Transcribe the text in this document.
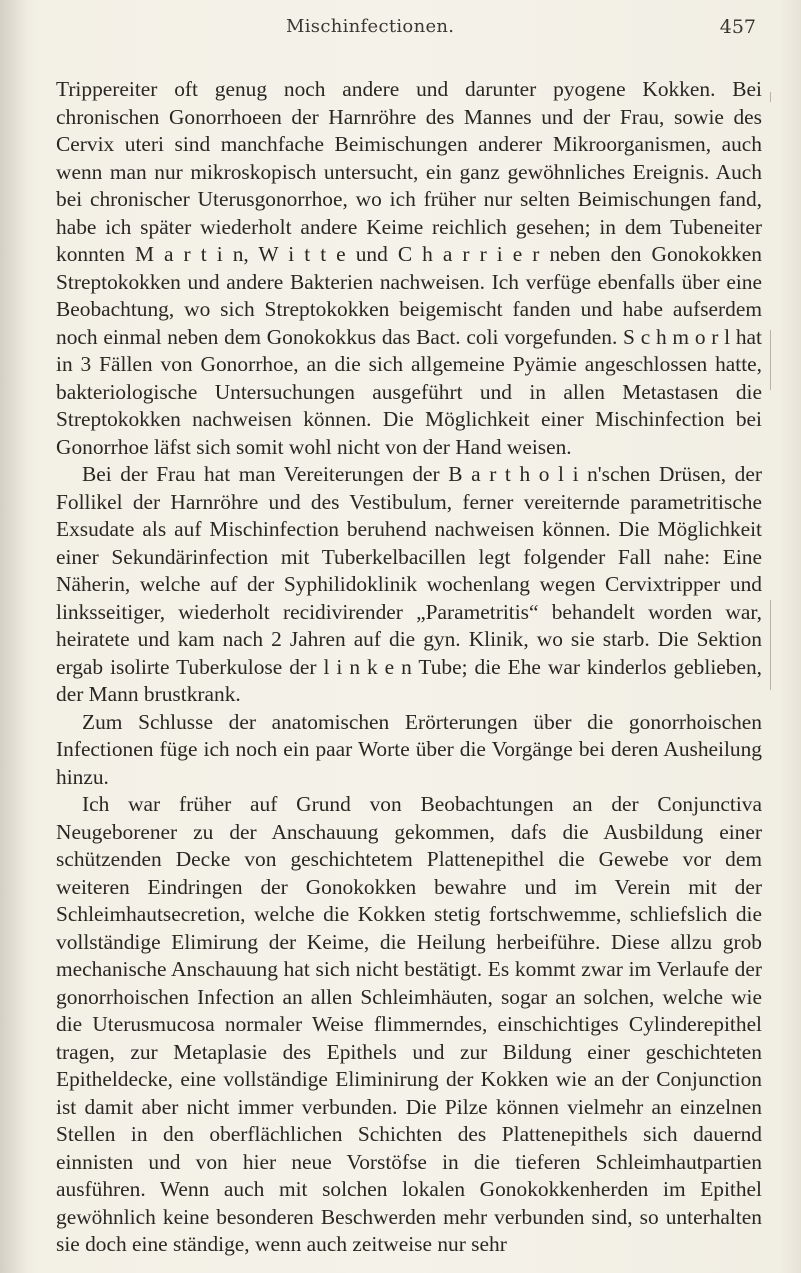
Mischinfectionen.	457

Trippereiter oft genug noch andere und darunter pyogene Kokken. Bei chronischen Gonorrhoeen der Harnröhre des Mannes und der Frau, sowie des Cervix uteri sind manchfache Beimischungen anderer Mikroorganismen, auch wenn man nur mikroskopisch untersucht, ein ganz gewöhnliches Ereignis. Auch bei chronischer Uterusgonorrhoe, wo ich früher nur selten Beimischungen fand, habe ich später wiederholt andere Keime reichlich gesehen; in dem Tubeneiter konnten M a r t i n, W i t t e und C h a r r i e r neben den Gonokokken Streptokokken und andere Bakterien nachweisen. Ich verfüge ebenfalls über eine Beobachtung, wo sich Streptokokken beigemischt fanden und habe aufserdem noch einmal neben dem Gonokokkus das Bact. coli vorgefunden. S c h m o r l hat in 3 Fällen von Gonorrhoe, an die sich allgemeine Pyämie angeschlossen hatte, bakteriologische Untersuchungen ausgeführt und in allen Metastasen die Streptokokken nachweisen können. Die Möglichkeit einer Mischinfection bei Gonorrhoe läfst sich somit wohl nicht von der Hand weisen.

Bei der Frau hat man Vereiterungen der B a r t h o l i n'schen Drüsen, der Follikel der Harnröhre und des Vestibulum, ferner vereiternde parametritische Exsudate als auf Mischinfection beruhend nachweisen können. Die Möglichkeit einer Sekundärinfection mit Tuberkelbacillen legt folgender Fall nahe: Eine Näherin, welche auf der Syphilidoklinik wochenlang wegen Cervixtripper und linksseitiger, wiederholt recidivirender „Parametritis“ behandelt worden war, heiratete und kam nach 2 Jahren auf die gyn. Klinik, wo sie starb. Die Sektion ergab isolirte Tuberkulose der l i n k e n Tube; die Ehe war kinderlos geblieben, der Mann brustkrank.

Zum Schlusse der anatomischen Erörterungen über die gonorrhoischen Infectionen füge ich noch ein paar Worte über die Vorgänge bei deren Ausheilung hinzu.

Ich war früher auf Grund von Beobachtungen an der Conjunctiva Neugeborener zu der Anschauung gekommen, dafs die Ausbildung einer schützenden Decke von geschichtetem Plattenepithel die Gewebe vor dem weiteren Eindringen der Gonokokken bewahre und im Verein mit der Schleimhautsecretion, welche die Kokken stetig fortschwemme, schliefslich die vollständige Elimirung der Keime, die Heilung herbeiführe. Diese allzu grob mechanische Anschauung hat sich nicht bestätigt. Es kommt zwar im Verlaufe der gonorrhoischen Infection an allen Schleimhäuten, sogar an solchen, welche wie die Uterusmucosa normaler Weise flimmerndes, einschichtiges Cylinderepithel tragen, zur Metaplasie des Epithels und zur Bildung einer geschichteten Epitheldecke, eine vollständige Eliminirung der Kokken wie an der Conjunction ist damit aber nicht immer verbunden. Die Pilze können vielmehr an einzelnen Stellen in den oberflächlichen Schichten des Plattenepithels sich dauernd einnisten und von hier neue Vorstöfse in die tieferen Schleimhautpartien ausführen. Wenn auch mit solchen lokalen Gonokokkenherden im Epithel gewöhnlich keine besonderen Beschwerden mehr verbunden sind, so unterhalten sie doch eine ständige, wenn auch zeitweise nur sehr
